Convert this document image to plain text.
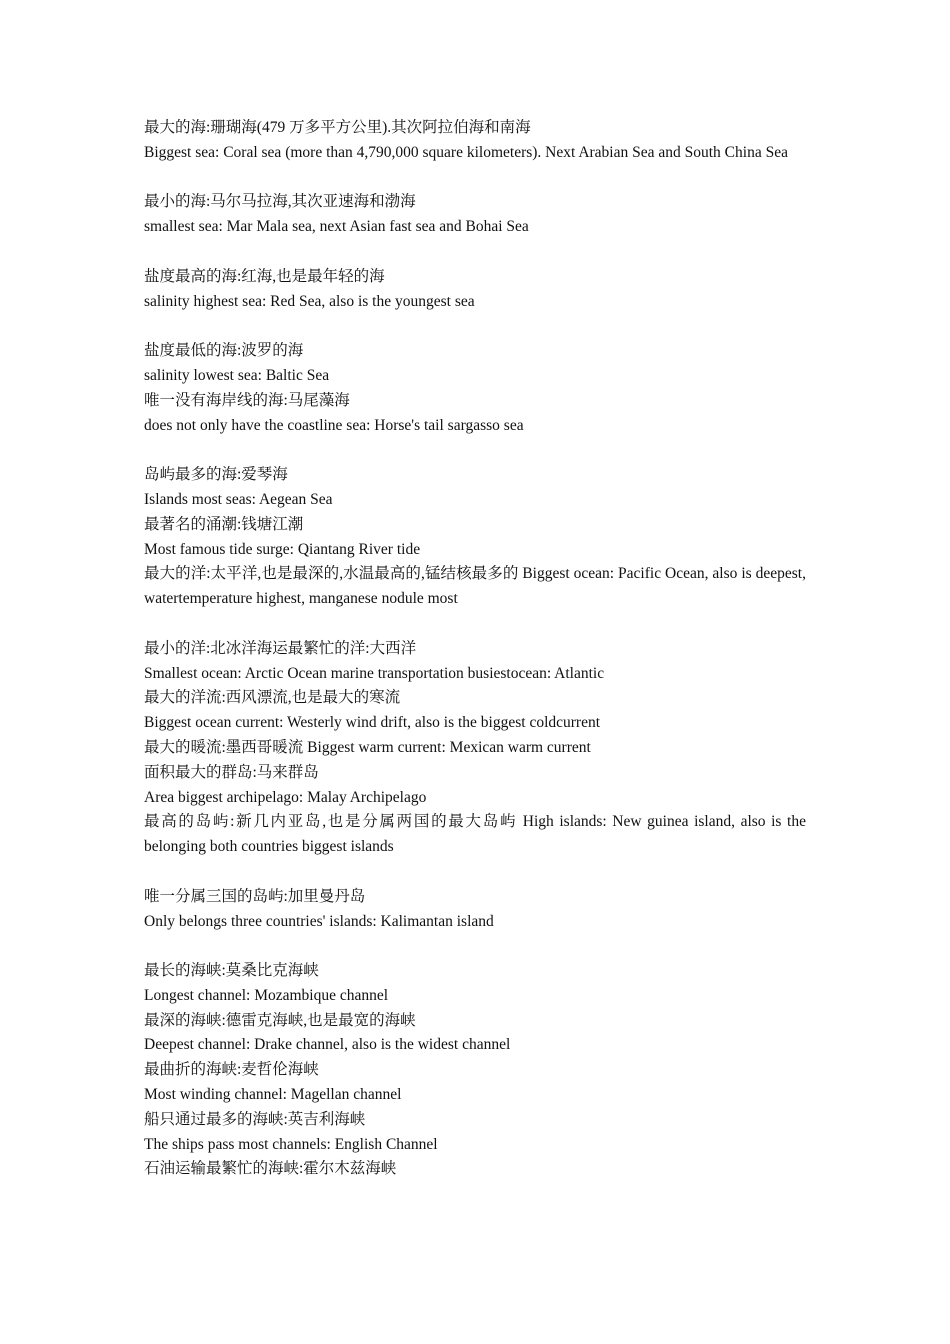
最大的海:珊瑚海(479 万多平方公里).其次阿拉伯海和南海

Biggest sea: Coral sea (more than 4,790,000 square kilometers). Next Arabian Sea and South China Sea

最小的海:马尔马拉海,其次亚速海和渤海

smallest sea: Mar Mala sea, next Asian fast sea and Bohai Sea

盐度最高的海:红海,也是最年轻的海

salinity highest sea: Red Sea, also is the youngest sea

盐度最低的海:波罗的海

salinity lowest sea: Baltic Sea

唯一没有海岸线的海:马尾藻海

does not only have the coastline sea: Horse's tail sargasso sea

岛屿最多的海:爱琴海

Islands most seas: Aegean Sea

最著名的涌潮:钱塘江潮

Most famous tide surge: Qiantang River tide

最大的洋:太平洋,也是最深的,水温最高的,锰结核最多的 Biggest ocean: Pacific Ocean, also is deepest, watertemperature highest, manganese nodule most

最小的洋:北冰洋海运最繁忙的洋:大西洋

Smallest ocean: Arctic Ocean marine transportation busiestocean: Atlantic

最大的洋流:西风漂流,也是最大的寒流

Biggest ocean current: Westerly wind drift, also is the biggest coldcurrent

最大的暖流:墨西哥暖流 Biggest warm current: Mexican warm current

面积最大的群岛:马来群岛

Area biggest archipelago: Malay Archipelago

最高的岛屿:新几内亚岛,也是分属两国的最大岛屿 High islands: New guinea island, also is the belonging both countries biggest islands

唯一分属三国的岛屿:加里曼丹岛

Only belongs three countries' islands: Kalimantan island

最长的海峡:莫桑比克海峡

Longest channel: Mozambique channel

最深的海峡:德雷克海峡,也是最宽的海峡

Deepest channel: Drake channel, also is the widest channel

最曲折的海峡:麦哲伦海峡

Most winding channel: Magellan channel

船只通过最多的海峡:英吉利海峡

The ships pass most channels: English Channel

石油运输最繁忙的海峡:霍尔木兹海峡
